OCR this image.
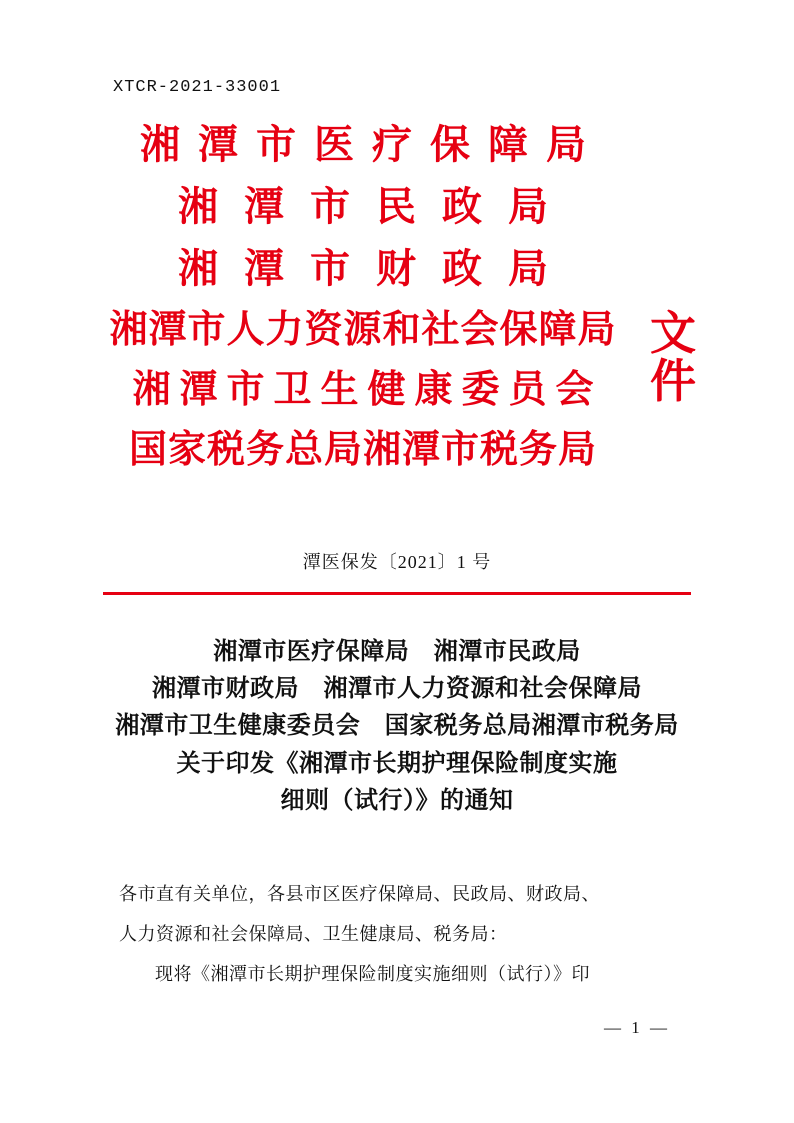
XTCR-2021-33001
湘潭市医疗保障局
湘潭市民政局
湘潭市财政局
湘潭市人力资源和社会保障局
湘潭市卫生健康委员会
国家税务总局湘潭市税务局
文
件
潭医保发〔2021〕1 号
湘潭市医疗保障局　湘潭市民政局
湘潭市财政局　湘潭市人力资源和社会保障局
湘潭市卫生健康委员会　国家税务总局湘潭市税务局
关于印发《湘潭市长期护理保险制度实施
细则（试行）》的通知

各市直有关单位，各县市区医疗保障局、民政局、财政局、

人力资源和社会保障局、卫生健康局、税务局：

现将《湘潭市长期护理保险制度实施细则（试行）》印

— 1 —
